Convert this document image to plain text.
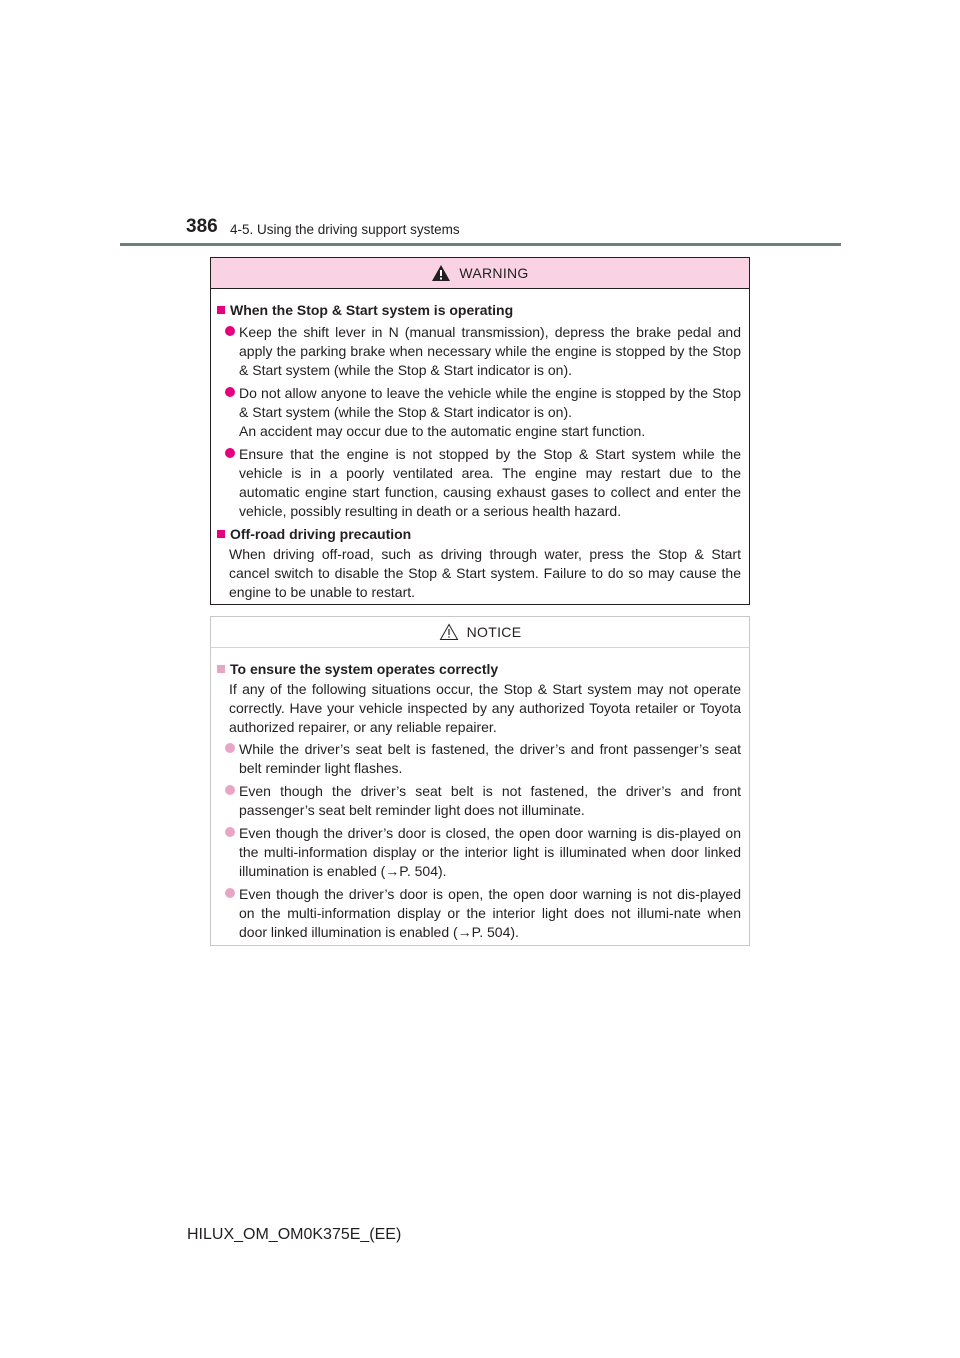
386 4-5. Using the driving support systems
WARNING
When the Stop & Start system is operating
Keep the shift lever in N (manual transmission), depress the brake pedal and apply the parking brake when necessary while the engine is stopped by the Stop & Start system (while the Stop & Start indicator is on).
Do not allow anyone to leave the vehicle while the engine is stopped by the Stop & Start system (while the Stop & Start indicator is on).
An accident may occur due to the automatic engine start function.
Ensure that the engine is not stopped by the Stop & Start system while the vehicle is in a poorly ventilated area. The engine may restart due to the automatic engine start function, causing exhaust gases to collect and enter the vehicle, possibly resulting in death or a serious health hazard.
Off-road driving precaution
When driving off-road, such as driving through water, press the Stop & Start cancel switch to disable the Stop & Start system. Failure to do so may cause the engine to be unable to restart.
NOTICE
To ensure the system operates correctly
If any of the following situations occur, the Stop & Start system may not operate correctly. Have your vehicle inspected by any authorized Toyota retailer or Toyota authorized repairer, or any reliable repairer.
While the driver’s seat belt is fastened, the driver’s and front passenger’s seat belt reminder light flashes.
Even though the driver’s seat belt is not fastened, the driver’s and front passenger’s seat belt reminder light does not illuminate.
Even though the driver’s door is closed, the open door warning is dis-played on the multi-information display or the interior light is illuminated when door linked illumination is enabled (→P. 504).
Even though the driver’s door is open, the open door warning is not dis-played on the multi-information display or the interior light does not illumi-nate when door linked illumination is enabled (→P. 504).
HILUX_OM_OM0K375E_(EE)
